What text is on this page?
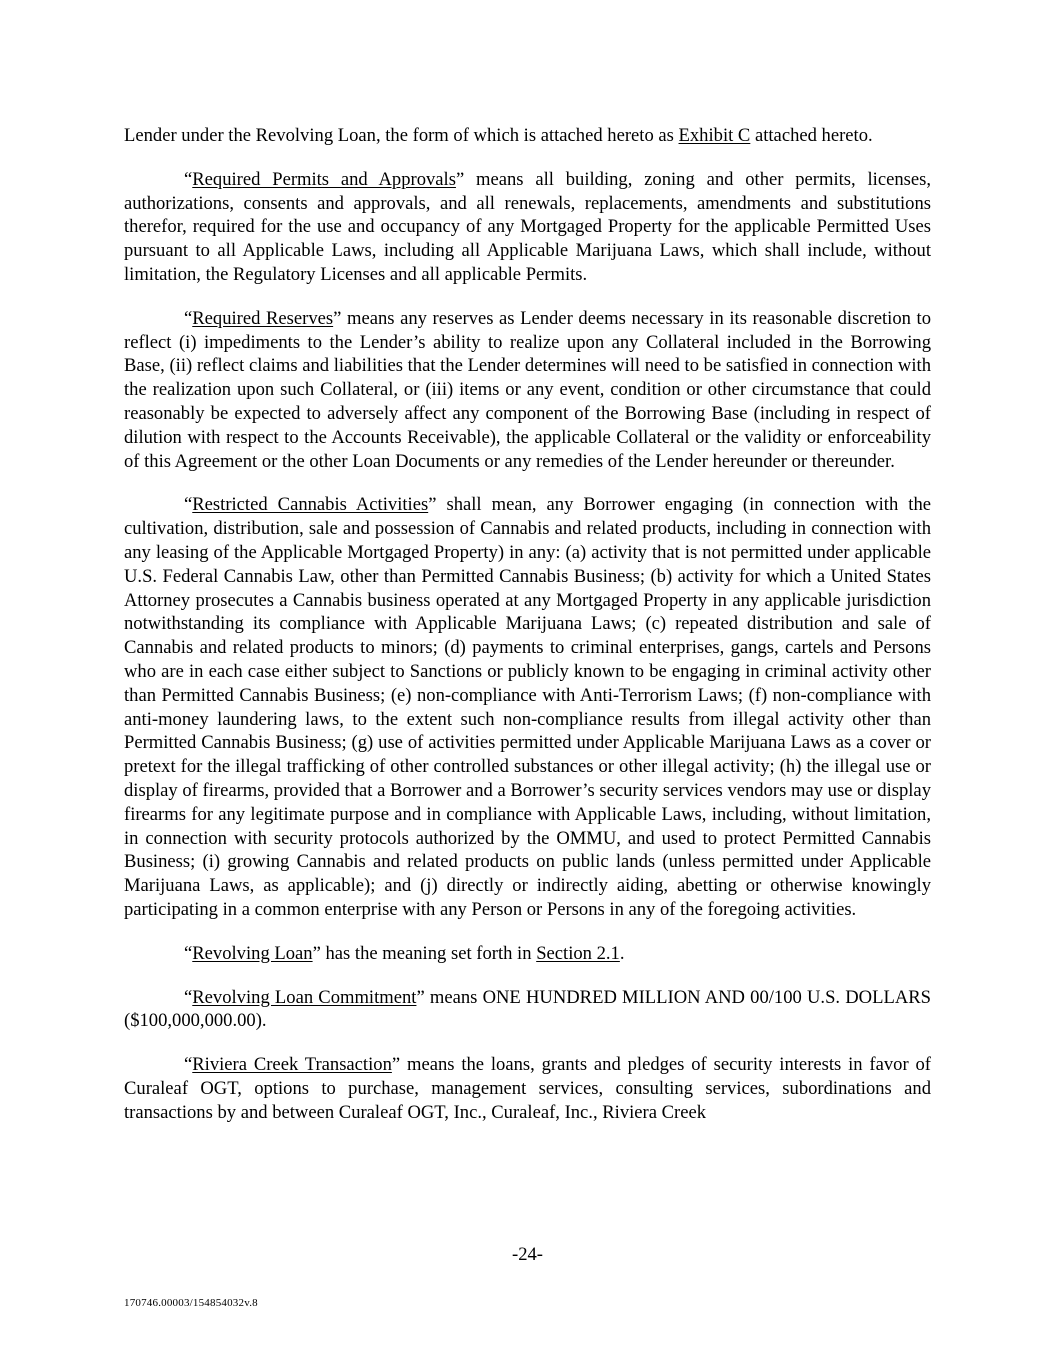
Lender under the Revolving Loan, the form of which is attached hereto as Exhibit C attached hereto.

“Required Permits and Approvals” means all building, zoning and other permits, licenses, authorizations, consents and approvals, and all renewals, replacements, amendments and substitutions therefor, required for the use and occupancy of any Mortgaged Property for the applicable Permitted Uses pursuant to all Applicable Laws, including all Applicable Marijuana Laws, which shall include, without limitation, the Regulatory Licenses and all applicable Permits.

“Required Reserves” means any reserves as Lender deems necessary in its reasonable discretion to reflect (i) impediments to the Lender’s ability to realize upon any Collateral included in the Borrowing Base, (ii) reflect claims and liabilities that the Lender determines will need to be satisfied in connection with the realization upon such Collateral, or (iii) items or any event, condition or other circumstance that could reasonably be expected to adversely affect any component of the Borrowing Base (including in respect of dilution with respect to the Accounts Receivable), the applicable Collateral or the validity or enforceability of this Agreement or the other Loan Documents or any remedies of the Lender hereunder or thereunder.

“Restricted Cannabis Activities” shall mean, any Borrower engaging (in connection with the cultivation, distribution, sale and possession of Cannabis and related products, including in connection with any leasing of the Applicable Mortgaged Property) in any: (a) activity that is not permitted under applicable U.S. Federal Cannabis Law, other than Permitted Cannabis Business; (b) activity for which a United States Attorney prosecutes a Cannabis business operated at any Mortgaged Property in any applicable jurisdiction notwithstanding its compliance with Applicable Marijuana Laws; (c) repeated distribution and sale of Cannabis and related products to minors; (d) payments to criminal enterprises, gangs, cartels and Persons who are in each case either subject to Sanctions or publicly known to be engaging in criminal activity other than Permitted Cannabis Business; (e) non-compliance with Anti-Terrorism Laws; (f) non-compliance with anti-money laundering laws, to the extent such non-compliance results from illegal activity other than Permitted Cannabis Business; (g) use of activities permitted under Applicable Marijuana Laws as a cover or pretext for the illegal trafficking of other controlled substances or other illegal activity; (h) the illegal use or display of firearms, provided that a Borrower and a Borrower’s security services vendors may use or display firearms for any legitimate purpose and in compliance with Applicable Laws, including, without limitation, in connection with security protocols authorized by the OMMU, and used to protect Permitted Cannabis Business; (i) growing Cannabis and related products on public lands (unless permitted under Applicable Marijuana Laws, as applicable); and (j) directly or indirectly aiding, abetting or otherwise knowingly participating in a common enterprise with any Person or Persons in any of the foregoing activities.

“Revolving Loan” has the meaning set forth in Section 2.1.

“Revolving Loan Commitment” means ONE HUNDRED MILLION AND 00/100 U.S. DOLLARS ($100,000,000.00).

“Riviera Creek Transaction” means the loans, grants and pledges of security interests in favor of Curaleaf OGT, options to purchase, management services, consulting services, subordinations and transactions by and between Curaleaf OGT, Inc., Curaleaf, Inc., Riviera Creek

-24-
170746.00003/154854032v.8
